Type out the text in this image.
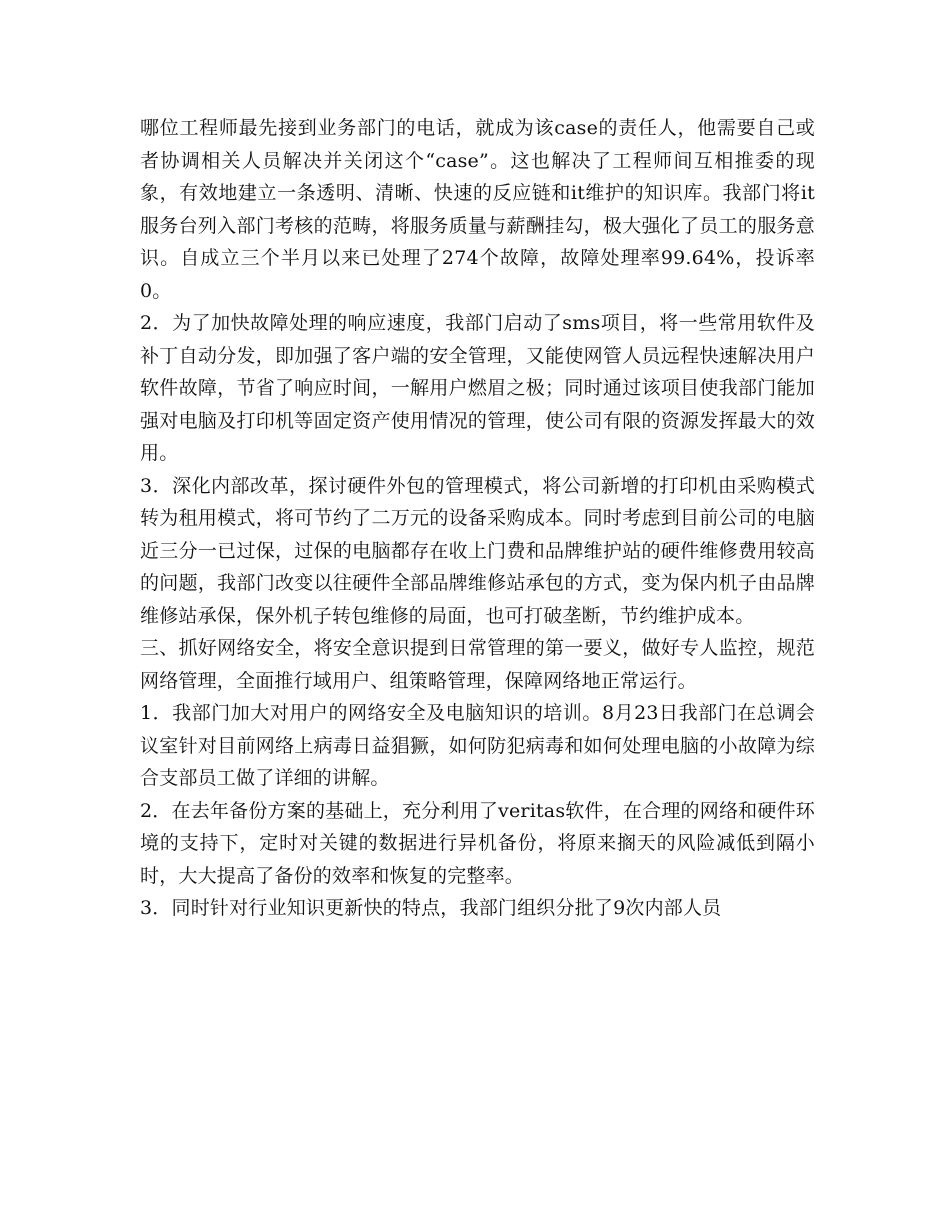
哪位工程师最先接到业务部门的电话，就成为该case的责任人，他需要自己或者协调相关人员解决并关闭这个“case”。这也解决了工程师间互相推委的现象，有效地建立一条透明、清晰、快速的反应链和it维护的知识库。我部门将it服务台列入部门考核的范畴，将服务质量与薪酬挂勾，极大强化了员工的服务意识。自成立三个半月以来已处理了274个故障，故障处理率99.64%，投诉率0。

2．为了加快故障处理的响应速度，我部门启动了sms项目，将一些常用软件及补丁自动分发，即加强了客户端的安全管理，又能使网管人员远程快速解决用户软件故障，节省了响应时间，一解用户燃眉之极；同时通过该项目使我部门能加强对电脑及打印机等固定资产使用情况的管理，使公司有限的资源发挥最大的效用。

3．深化内部改革，探讨硬件外包的管理模式，将公司新增的打印机由采购模式转为租用模式，将可节约了二万元的设备采购成本。同时考虑到目前公司的电脑近三分一已过保，过保的电脑都存在收上门费和品牌维护站的硬件维修费用较高的问题，我部门改变以往硬件全部品牌维修站承包的方式，变为保内机子由品牌维修站承保，保外机子转包维修的局面，也可打破垄断，节约维护成本。

三、抓好网络安全，将安全意识提到日常管理的第一要义，做好专人监控，规范网络管理，全面推行域用户、组策略管理，保障网络地正常运行。

1．我部门加大对用户的网络安全及电脑知识的培训。8月23日我部门在总调会议室针对目前网络上病毒日益猖獗，如何防犯病毒和如何处理电脑的小故障为综合支部员工做了详细的讲解。

2．在去年备份方案的基础上，充分利用了veritas软件，在合理的网络和硬件环境的支持下，定时对关键的数据进行异机备份，将原来搁天的风险减低到隔小时，大大提高了备份的效率和恢复的完整率。

3．同时针对行业知识更新快的特点，我部门组织分批了9次内部人员
